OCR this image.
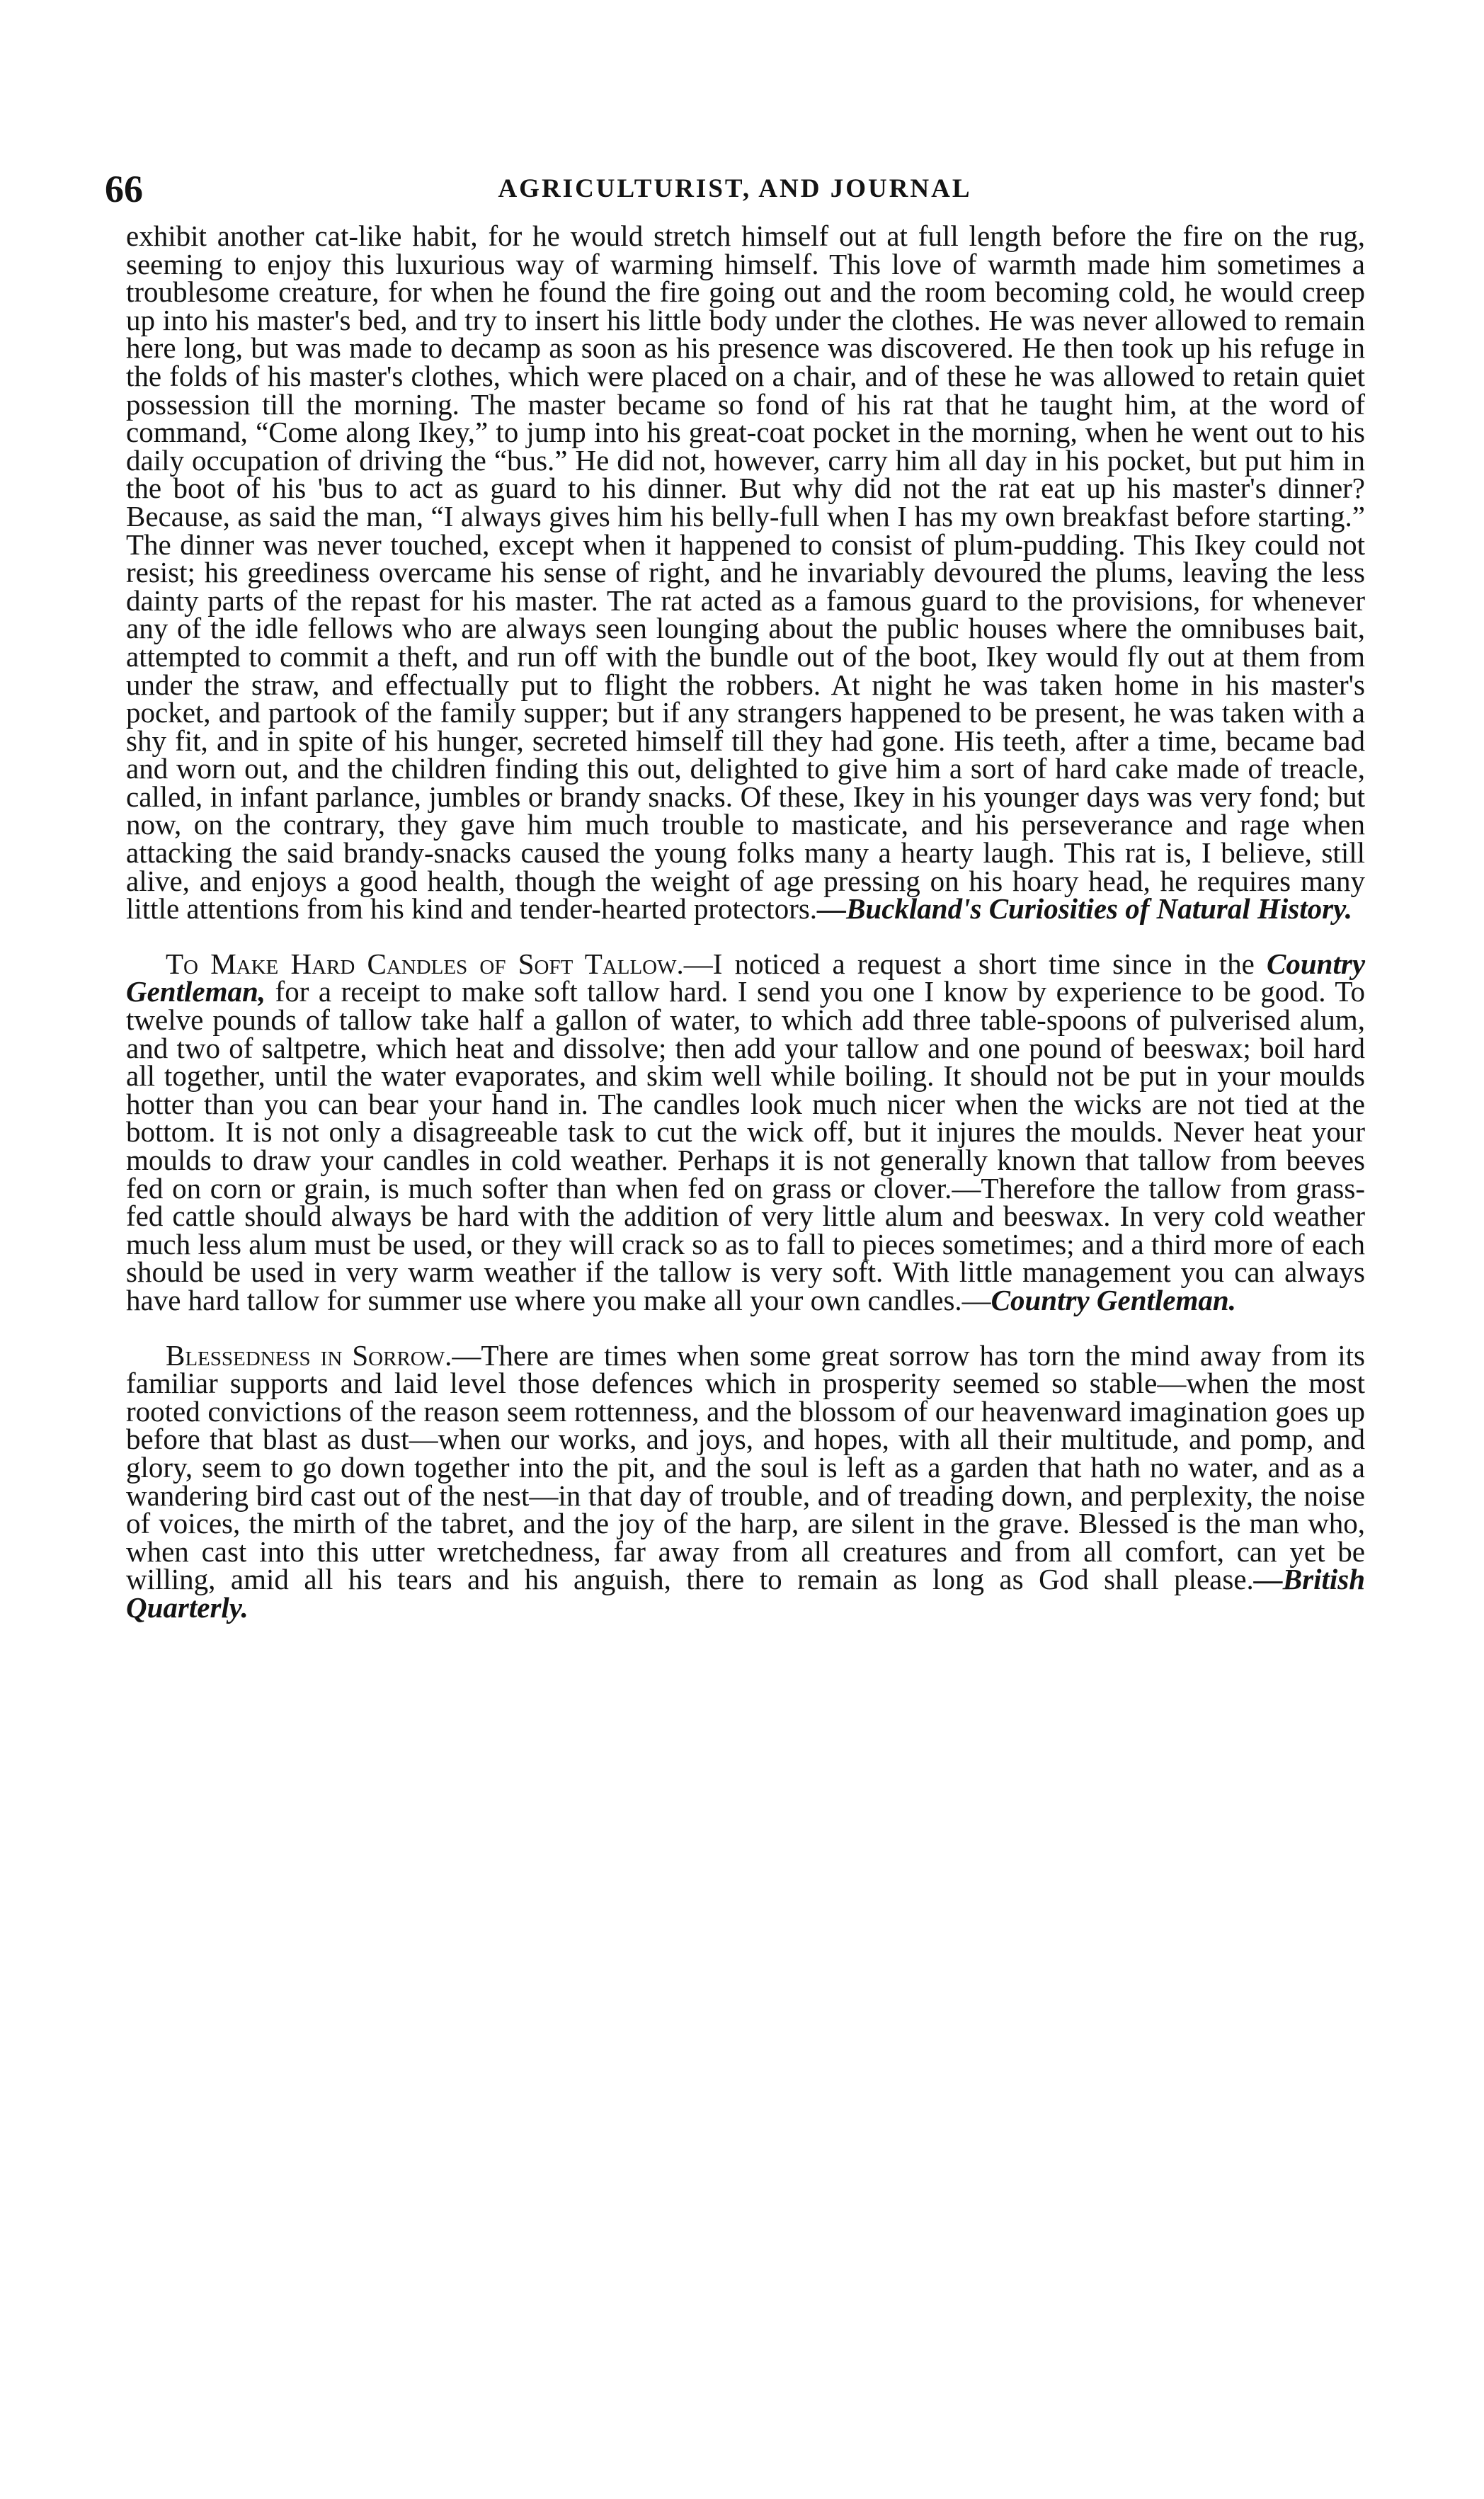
66	AGRICULTURIST, AND JOURNAL

exhibit another cat-like habit, for he would stretch himself out at full length before the fire on the rug, seeming to enjoy this luxurious way of warming himself. This love of warmth made him sometimes a troublesome creature, for when he found the fire going out and the room becoming cold, he would creep up into his master's bed, and try to insert his little body under the clothes. He was never allowed to remain here long, but was made to decamp as soon as his presence was discovered. He then took up his refuge in the folds of his master's clothes, which were placed on a chair, and of these he was allowed to retain quiet possession till the morning. The master became so fond of his rat that he taught him, at the word of command, “Come along Ikey,” to jump into his great-coat pocket in the morning, when he went out to his daily occupation of driving the “bus.” He did not, however, carry him all day in his pocket, but put him in the boot of his 'bus to act as guard to his dinner. But why did not the rat eat up his master's dinner? Because, as said the man, “I always gives him his belly-full when I has my own breakfast before starting.” The dinner was never touched, except when it happened to consist of plum-pudding. This Ikey could not resist; his greediness overcame his sense of right, and he invariably devoured the plums, leaving the less dainty parts of the repast for his master. The rat acted as a famous guard to the provisions, for whenever any of the idle fellows who are always seen lounging about the public houses where the omnibuses bait, attempted to commit a theft, and run off with the bundle out of the boot, Ikey would fly out at them from under the straw, and effectually put to flight the robbers. At night he was taken home in his master's pocket, and partook of the family supper; but if any strangers happened to be present, he was taken with a shy fit, and in spite of his hunger, secreted himself till they had gone. His teeth, after a time, became bad and worn out, and the children finding this out, delighted to give him a sort of hard cake made of treacle, called, in infant parlance, jumbles or brandy snacks. Of these, Ikey in his younger days was very fond; but now, on the contrary, they gave him much trouble to masticate, and his perseverance and rage when attacking the said brandy-snacks caused the young folks many a hearty laugh. This rat is, I believe, still alive, and enjoys a good health, though the weight of age pressing on his hoary head, he requires many little attentions from his kind and tender-hearted protectors.—Buckland's Curiosities of Natural History.

To Make Hard Candles of Soft Tallow.—I noticed a request a short time since in the Country Gentleman, for a receipt to make soft tallow hard. I send you one I know by experience to be good. To twelve pounds of tallow take half a gallon of water, to which add three table-spoons of pulverised alum, and two of saltpetre, which heat and dissolve; then add your tallow and one pound of beeswax; boil hard all together, until the water evaporates, and skim well while boiling. It should not be put in your moulds hotter than you can bear your hand in. The candles look much nicer when the wicks are not tied at the bottom. It is not only a disagreeable task to cut the wick off, but it injures the moulds. Never heat your moulds to draw your candles in cold weather. Perhaps it is not generally known that tallow from beeves fed on corn or grain, is much softer than when fed on grass or clover.—Therefore the tallow from grass-fed cattle should always be hard with the addition of very little alum and beeswax. In very cold weather much less alum must be used, or they will crack so as to fall to pieces sometimes; and a third more of each should be used in very warm weather if the tallow is very soft. With little management you can always have hard tallow for summer use where you make all your own candles.—Country Gentleman.

Blessedness in Sorrow.—There are times when some great sorrow has torn the mind away from its familiar supports and laid level those defences which in prosperity seemed so stable—when the most rooted convictions of the reason seem rottenness, and the blossom of our heavenward imagination goes up before that blast as dust—when our works, and joys, and hopes, with all their multitude, and pomp, and glory, seem to go down together into the pit, and the soul is left as a garden that hath no water, and as a wandering bird cast out of the nest—in that day of trouble, and of treading down, and perplexity, the noise of voices, the mirth of the tabret, and the joy of the harp, are silent in the grave. Blessed is the man who, when cast into this utter wretchedness, far away from all creatures and from all comfort, can yet be willing, amid all his tears and his anguish, there to remain as long as God shall please.—British Quarterly.
